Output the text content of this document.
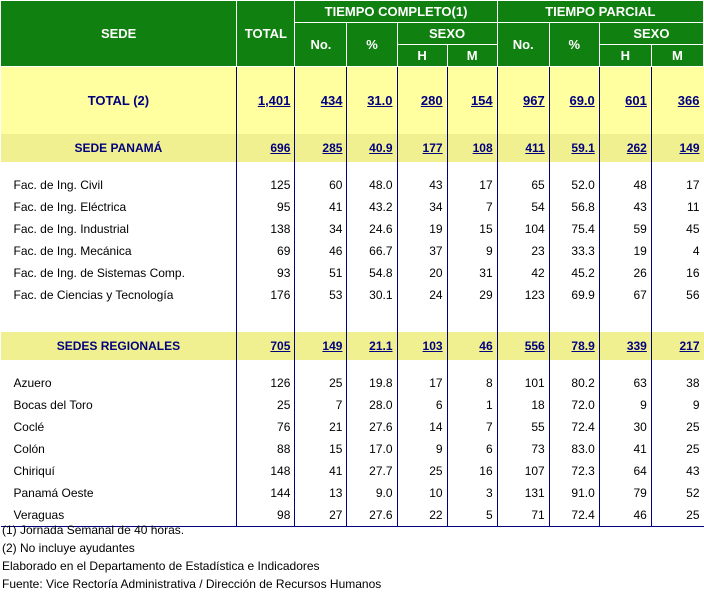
SEDE	TOTAL	TIEMPO COMPLETO(1)				TIEMPO PARCIAL			
		No.	%	SEXO		No.	%	SEXO	
				H	M			H	M
TOTAL (2)	1,401	434	31.0	280	154	967	69.0	601	366
SEDE PANAMÁ	696	285	40.9	177	108	411	59.1	262	149

Fac. de Ing. Civil	125	60	48.0	43	17	65	52.0	48	17
Fac. de Ing. Eléctrica	95	41	43.2	34	7	54	56.8	43	11
Fac. de Ing. Industrial	138	34	24.6	19	15	104	75.4	59	45
Fac. de Ing. Mecánica	69	46	66.7	37	9	23	33.3	19	4
Fac. de Ing. de Sistemas Comp.	93	51	54.8	20	31	42	45.2	26	16
Fac. de Ciencias y Tecnología	176	53	30.1	24	29	123	69.9	67	56

SEDES REGIONALES	705	149	21.1	103	46	556	78.9	339	217

Azuero	126	25	19.8	17	8	101	80.2	63	38
Bocas del Toro	25	7	28.0	6	1	18	72.0	9	9
Coclé	76	21	27.6	14	7	55	72.4	30	25
Colón	88	15	17.0	9	6	73	83.0	41	25
Chiriquí	148	41	27.7	25	16	107	72.3	64	43
Panamá Oeste	144	13	9.0	10	3	131	91.0	79	52
Veraguas	98	27	27.6	22	5	71	72.4	46	25
(1) Jornada Semanal de 40 horas.
(2) No incluye ayudantes
Elaborado en el Departamento de Estadística e Indicadores
Fuente: Vice Rectoría Administrativa / Dirección de Recursos Humanos
